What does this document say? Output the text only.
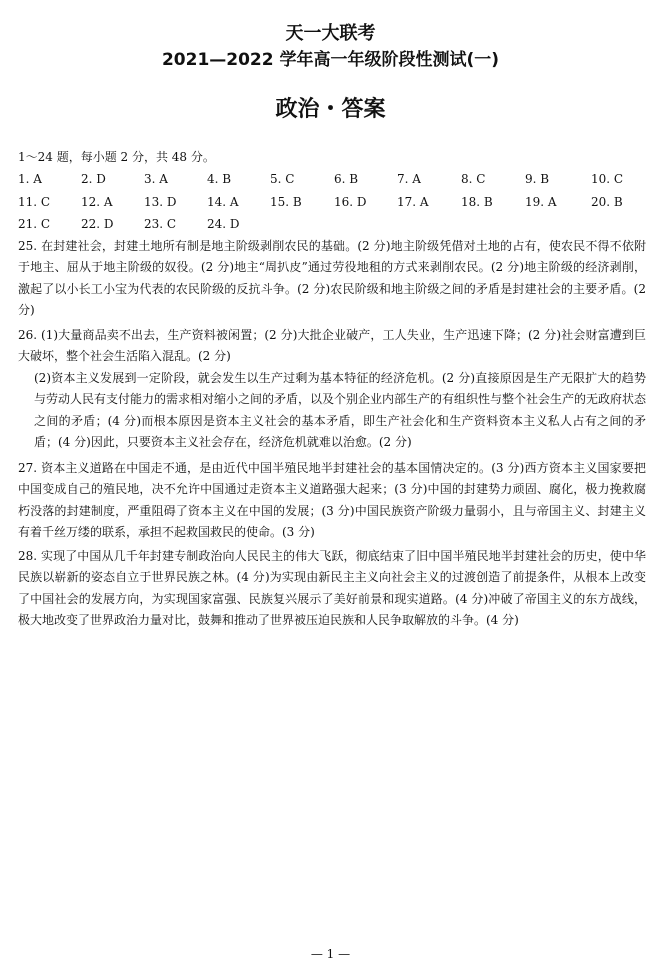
天一大联考
2021—2022 学年高一年级阶段性测试(一)
政治・答案
1～24 题，每小题 2 分，共 48 分。
1. A	2. D	3. A	4. B	5. C	6. B	7. A	8. C	9. B	10. C
11. C	12. A	13. D	14. A	15. B	16. D	17. A	18. B	19. A	20. B
21. C	22. D	23. C	24. D
25. 在封建社会，封建土地所有制是地主阶级剥削农民的基础。(2 分)地主阶级凭借对土地的占有，使农民不得不依附于地主、屈从于地主阶级的奴役。(2 分)地主“周扒皮”通过劳役地租的方式来剥削农民。(2 分)地主阶级的经济剥削，激起了以小长工小宝为代表的农民阶级的反抗斗争。(2 分)农民阶级和地主阶级之间的矛盾是封建社会的主要矛盾。(2 分)
26. (1)大量商品卖不出去，生产资料被闲置；(2 分)大批企业破产，工人失业，生产迅速下降；(2 分)社会财富遭到巨大破坏，整个社会生活陷入混乱。(2 分)
(2)资本主义发展到一定阶段，就会发生以生产过剩为基本特征的经济危机。(2 分)直接原因是生产无限扩大的趋势与劳动人民有支付能力的需求相对缩小之间的矛盾，以及个别企业内部生产的有组织性与整个社会生产的无政府状态之间的矛盾；(4 分)而根本原因是资本主义社会的基本矛盾，即生产社会化和生产资料资本主义私人占有之间的矛盾；(4 分)因此，只要资本主义社会存在，经济危机就难以治愈。(2 分)
27. 资本主义道路在中国走不通，是由近代中国半殖民地半封建社会的基本国情决定的。(3 分)西方资本主义国家要把中国变成自己的殖民地，决不允许中国通过走资本主义道路强大起来；(3 分)中国的封建势力顽固、腐化，极力挽救腐朽没落的封建制度，严重阻碍了资本主义在中国的发展；(3 分)中国民族资产阶级力量弱小，且与帝国主义、封建主义有着千丝万缕的联系，承担不起救国救民的使命。(3 分)
28. 实现了中国从几千年封建专制政治向人民民主的伟大飞跃，彻底结束了旧中国半殖民地半封建社会的历史，使中华民族以崭新的姿态自立于世界民族之林。(4 分)为实现由新民主主义向社会主义的过渡创造了前提条件，从根本上改变了中国社会的发展方向，为实现国家富强、民族复兴展示了美好前景和现实道路。(4 分)冲破了帝国主义的东方战线，极大地改变了世界政治力量对比，鼓舞和推动了世界被压迫民族和人民争取解放的斗争。(4 分)
— 1 —
